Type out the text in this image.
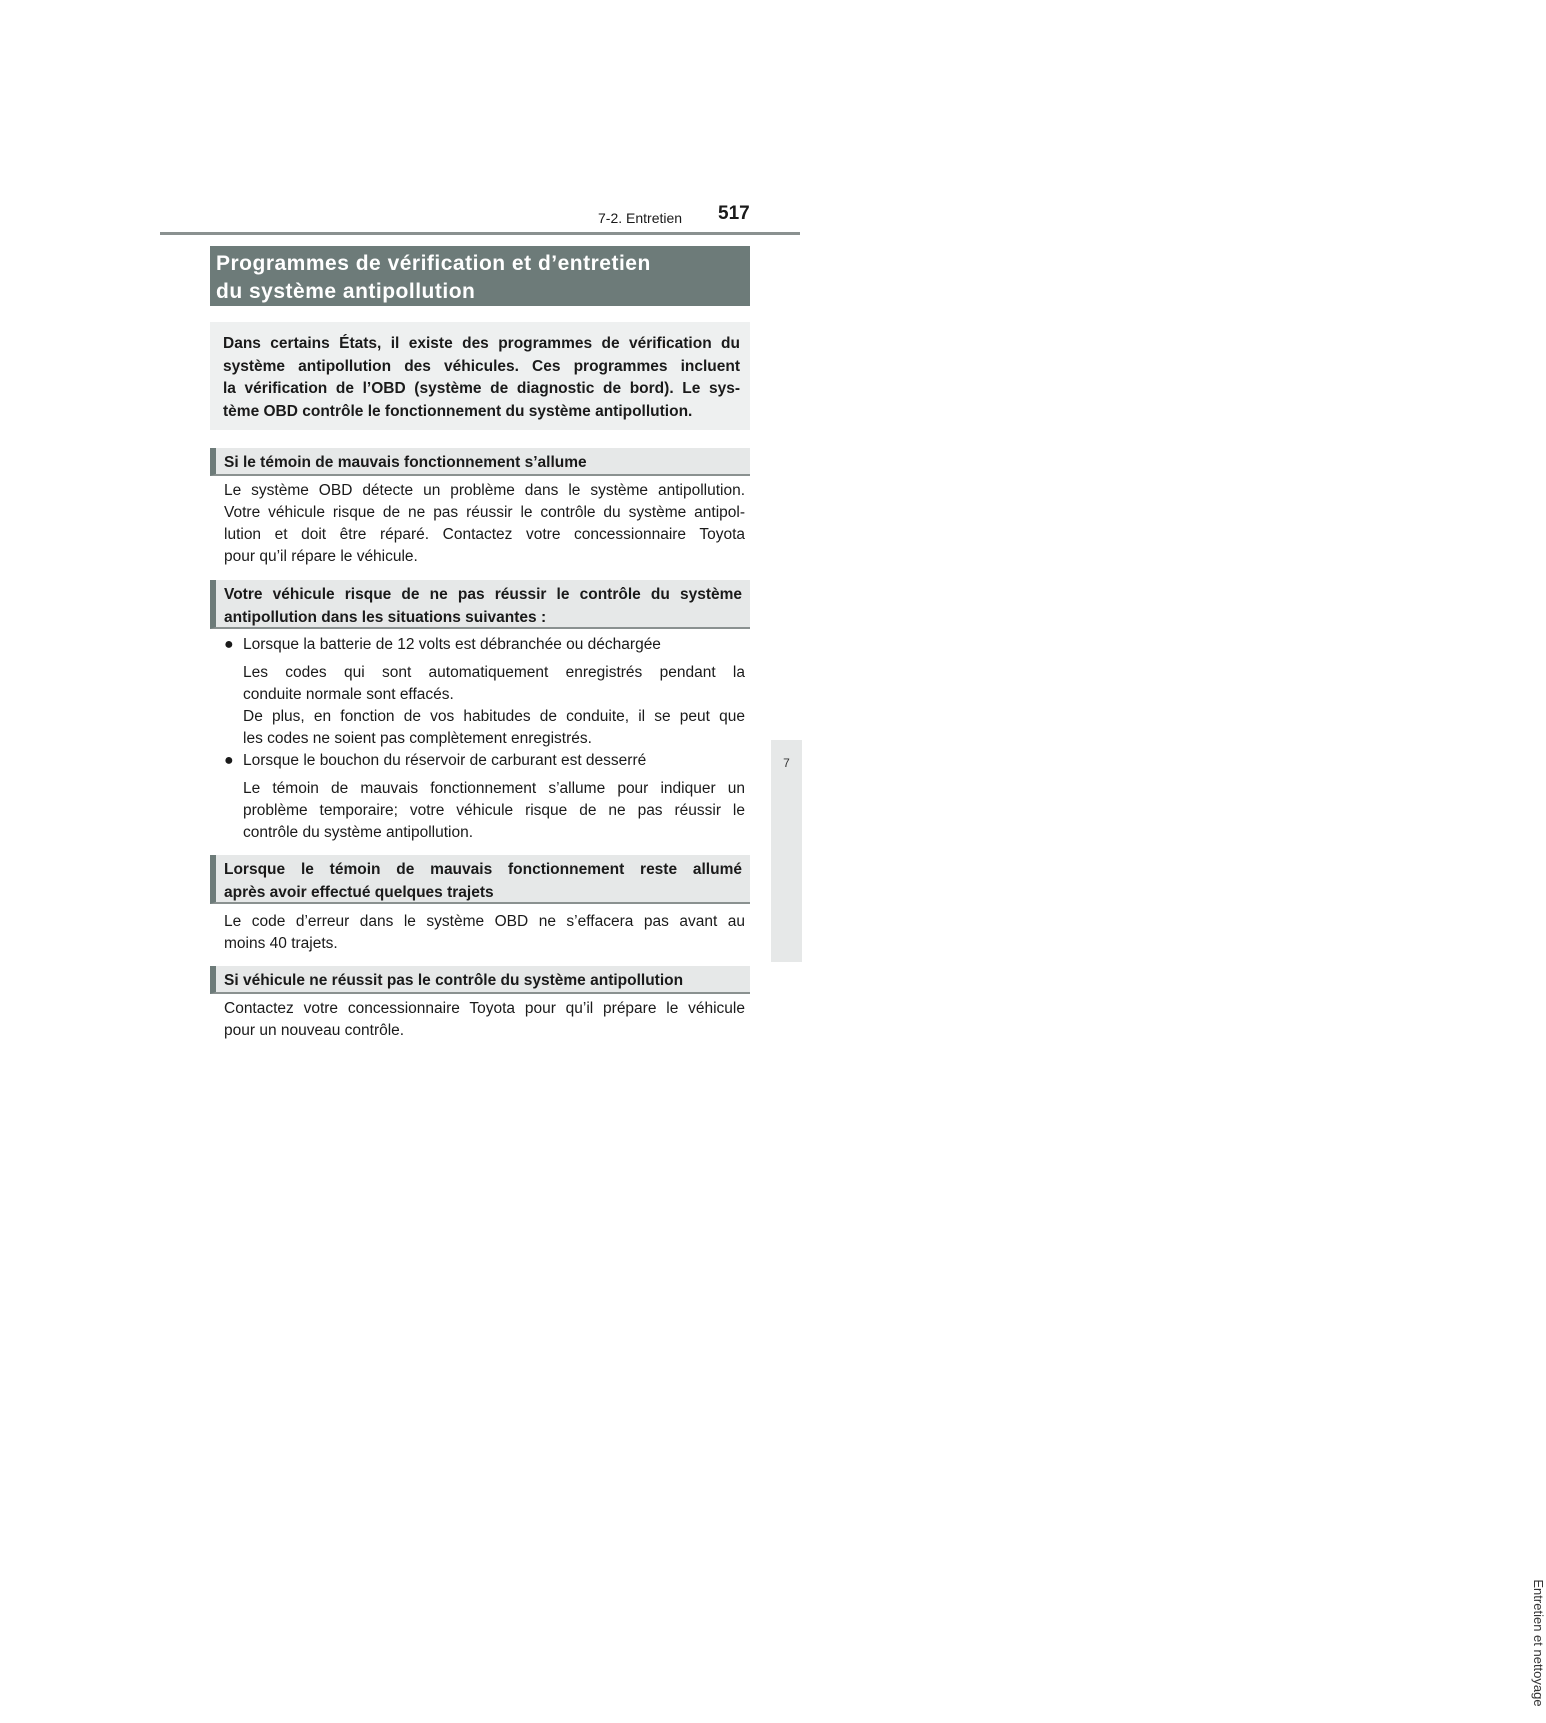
7-2. Entretien 517
7
Entretien et nettoyage
Programmes de vérification et d’entretien
du système antipollution
Dans certains États, il existe des programmes de vérification du
système antipollution des véhicules. Ces programmes incluent
la vérification de l’OBD (système de diagnostic de bord). Le sys-
tème OBD contrôle le fonctionnement du système antipollution.
Si le témoin de mauvais fonctionnement s’allume
Le système OBD détecte un problème dans le système antipollution.
Votre véhicule risque de ne pas réussir le contrôle du système antipol-
lution et doit être réparé. Contactez votre concessionnaire Toyota
pour qu’il répare le véhicule.
Votre véhicule risque de ne pas réussir le contrôle du système
antipollution dans les situations suivantes :
● Lorsque la batterie de 12 volts est débranchée ou déchargée
Les codes qui sont automatiquement enregistrés pendant la
conduite normale sont effacés.
De plus, en fonction de vos habitudes de conduite, il se peut que
les codes ne soient pas complètement enregistrés.
● Lorsque le bouchon du réservoir de carburant est desserré
Le témoin de mauvais fonctionnement s’allume pour indiquer un
problème temporaire; votre véhicule risque de ne pas réussir le
contrôle du système antipollution.
Lorsque le témoin de mauvais fonctionnement reste allumé
après avoir effectué quelques trajets
Le code d’erreur dans le système OBD ne s’effacera pas avant au
moins 40 trajets.
Si véhicule ne réussit pas le contrôle du système antipollution
Contactez votre concessionnaire Toyota pour qu’il prépare le véhicule
pour un nouveau contrôle.
